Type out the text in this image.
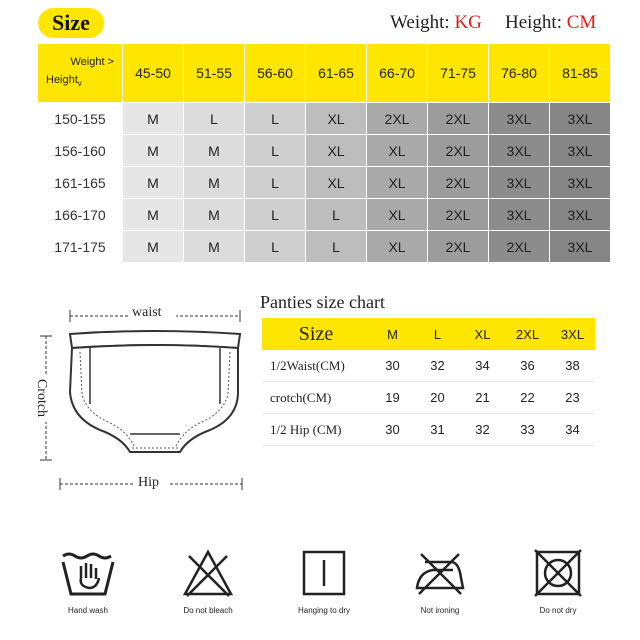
Size	Weight: KG Height: CM
Weight >
Height$_v$	45-50	51-55	56-60	61-65	66-70	71-75	76-80	81-85
150-155	M	L	L	XL	2XL	2XL	3XL	3XL
156-160	M	M	L	XL	XL	2XL	3XL	3XL
161-165	M	M	L	XL	XL	2XL	3XL	3XL
166-170	M	M	L	L	XL	2XL	3XL	3XL
171-175	M	M	L	L	XL	2XL	2XL	3XL
waist
Crotch
Hip
Panties size chart
Size	M	L	XL	2XL	3XL
1/2Waist(CM)	30	32	34	36	38
crotch(CM)	19	20	21	22	23
1/2 Hip (CM)	30	31	32	33	34
Hand wash	Do not bleach	Hanging to dry	Not ironing	Do not dry
